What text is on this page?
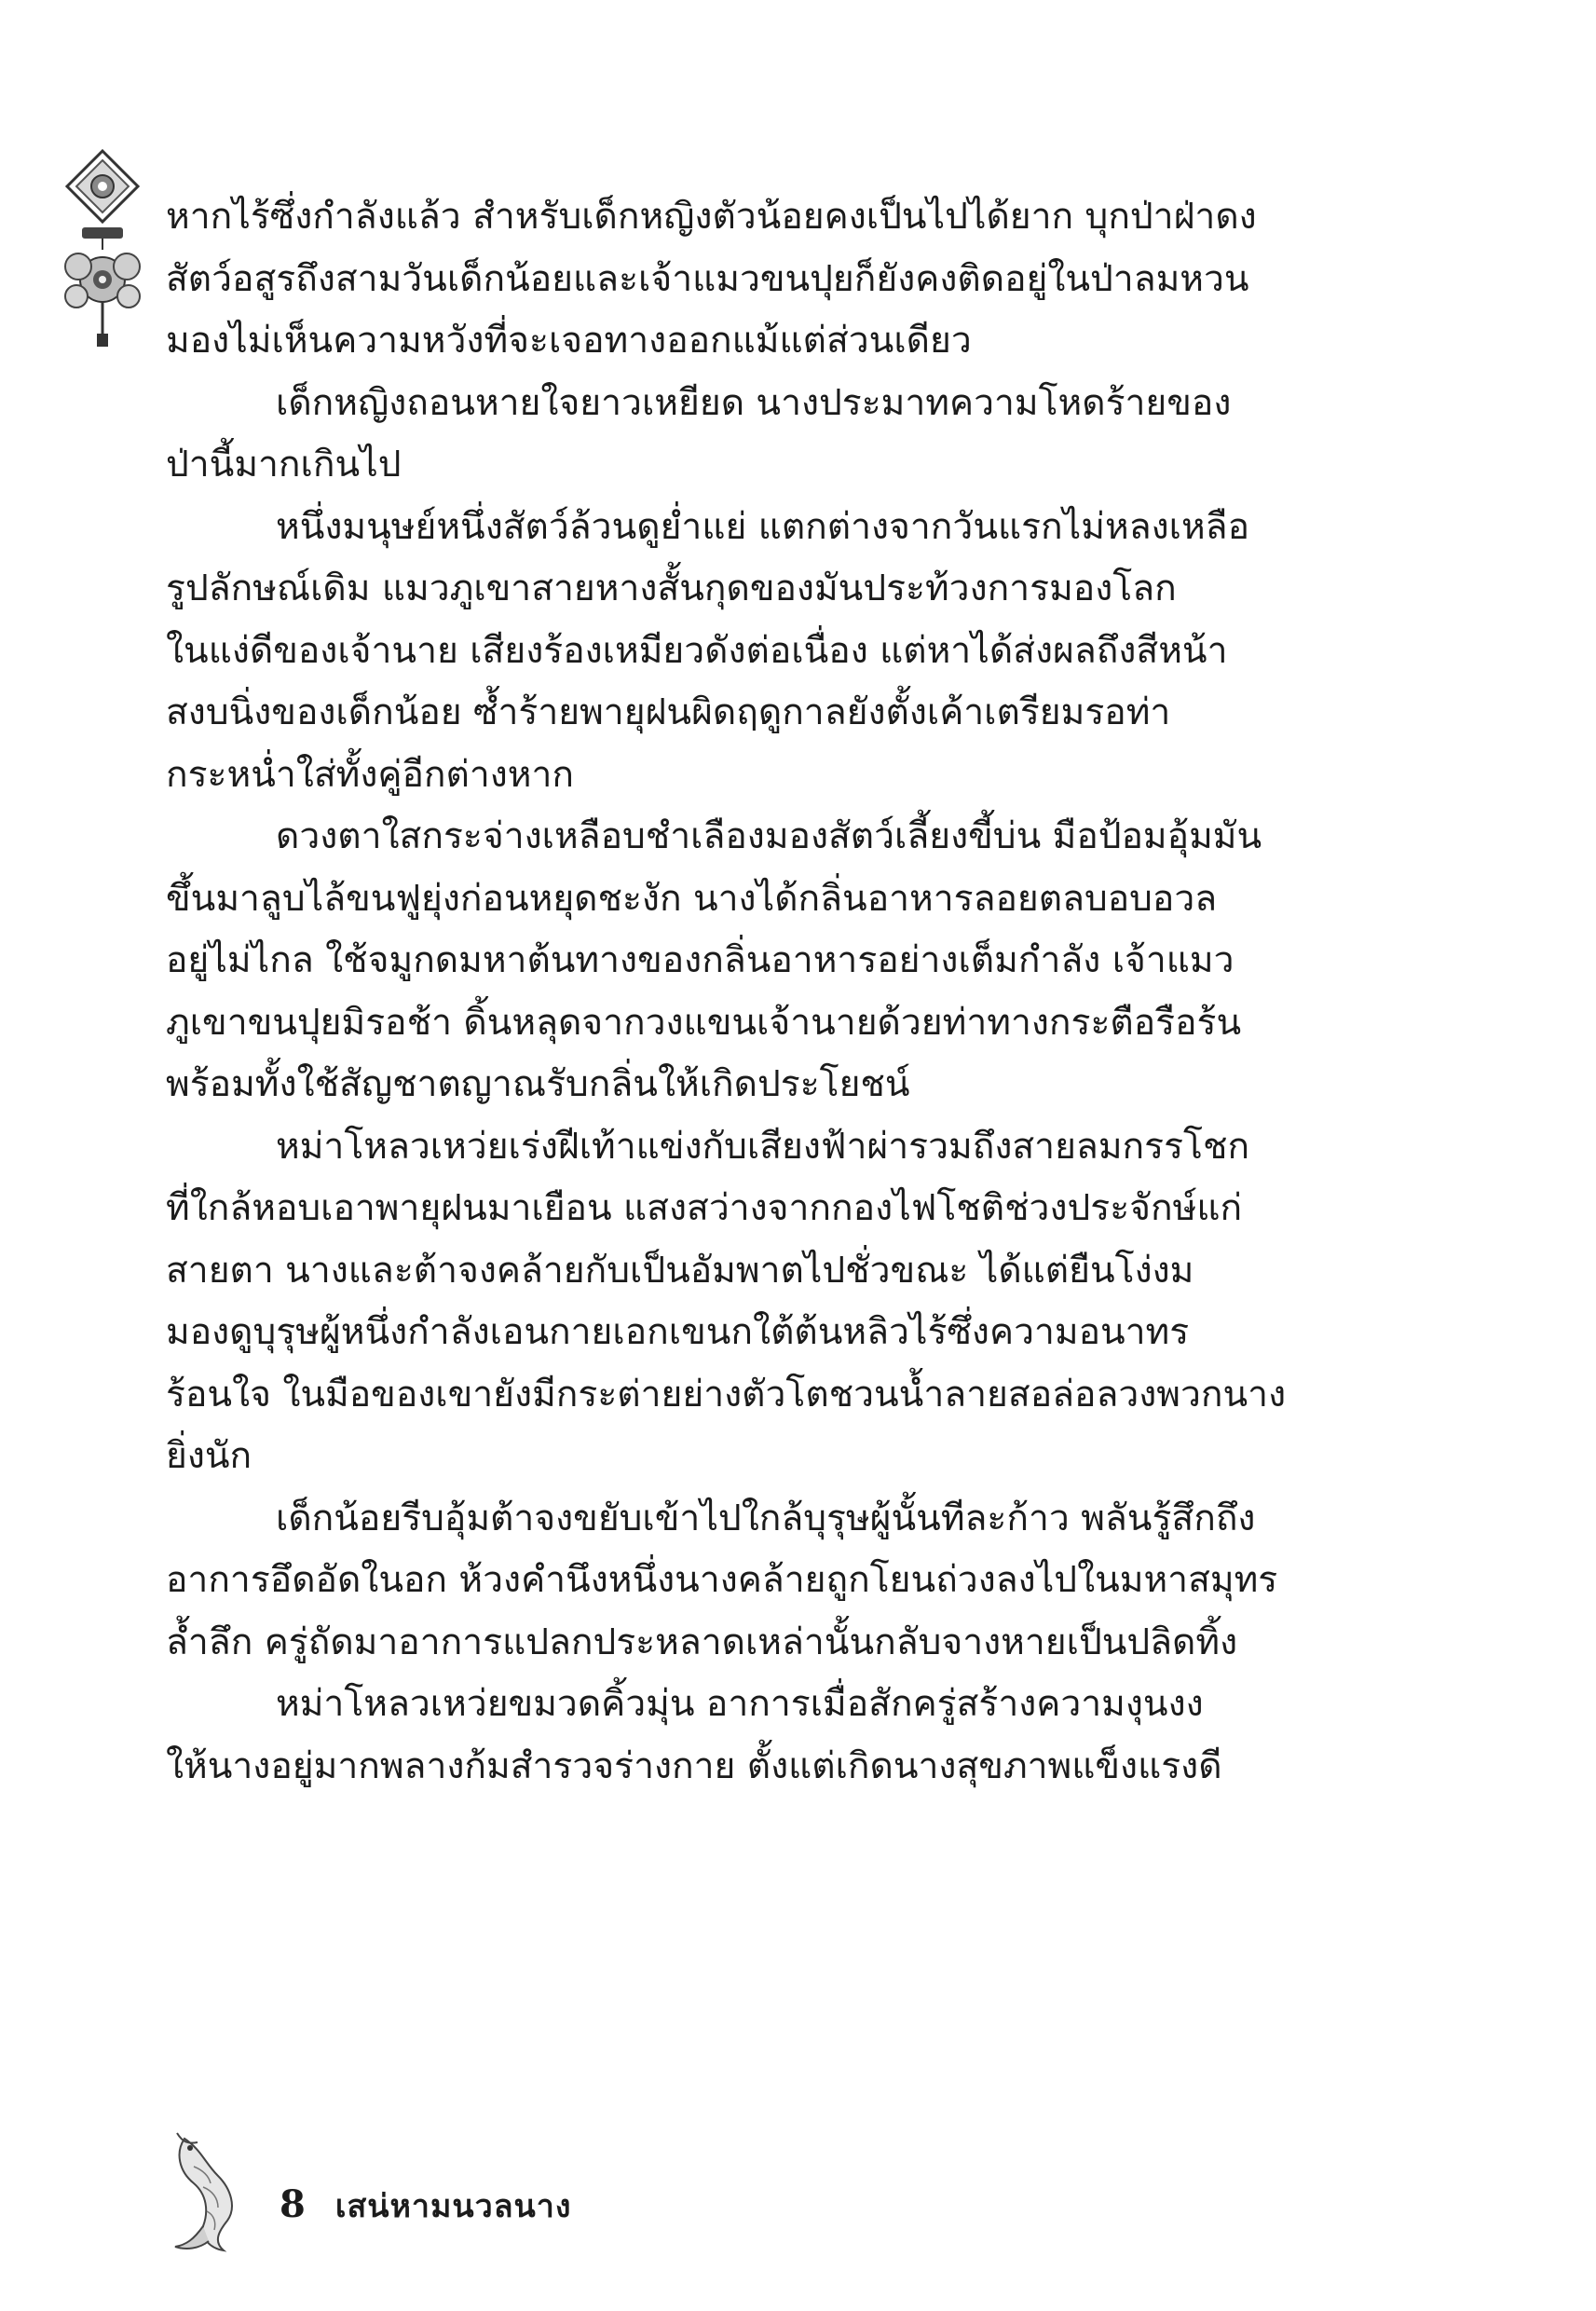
หากไร้ซึ่งกำลังแล้ว สำหรับเด็กหญิงตัวน้อยคงเป็นไปได้ยาก บุกป่าฝ่าดง

สัตว์อสูรถึงสามวันเด็กน้อยและเจ้าแมวขนปุยก็ยังคงติดอยู่ในป่าลมหวน

มองไม่เห็นความหวังที่จะเจอทางออกแม้แต่ส่วนเดียว

เด็กหญิงถอนหายใจยาวเหยียด นางประมาทความโหดร้ายของ

ป่านี้มากเกินไป

หนึ่งมนุษย์หนึ่งสัตว์ล้วนดูย่ำแย่ แตกต่างจากวันแรกไม่หลงเหลือ

รูปลักษณ์เดิม แมวภูเขาสายหางสั้นกุดของมันประท้วงการมองโลก

ในแง่ดีของเจ้านาย เสียงร้องเหมียวดังต่อเนื่อง แต่หาได้ส่งผลถึงสีหน้า

สงบนิ่งของเด็กน้อย ซ้ำร้ายพายุฝนผิดฤดูกาลยังตั้งเค้าเตรียมรอท่า

กระหน่ำใส่ทั้งคู่อีกต่างหาก

ดวงตาใสกระจ่างเหลือบชำเลืองมองสัตว์เลี้ยงขี้บ่น มือป้อมอุ้มมัน

ขึ้นมาลูบไล้ขนฟูยุ่งก่อนหยุดชะงัก นางได้กลิ่นอาหารลอยตลบอบอวล

อยู่ไม่ไกล ใช้จมูกดมหาต้นทางของกลิ่นอาหารอย่างเต็มกำลัง เจ้าแมว

ภูเขาขนปุยมิรอช้า ดิ้นหลุดจากวงแขนเจ้านายด้วยท่าทางกระตือรือร้น

พร้อมทั้งใช้สัญชาตญาณรับกลิ่นให้เกิดประโยชน์

หม่าโหลวเหว่ยเร่งฝีเท้าแข่งกับเสียงฟ้าผ่ารวมถึงสายลมกรรโชก

ที่ใกล้หอบเอาพายุฝนมาเยือน แสงสว่างจากกองไฟโชติช่วงประจักษ์แก่

สายตา นางและต้าจงคล้ายกับเป็นอัมพาตไปชั่วขณะ ได้แต่ยืนโง่งม

มองดูบุรุษผู้หนึ่งกำลังเอนกายเอกเขนกใต้ต้นหลิวไร้ซึ่งความอนาทร

ร้อนใจ ในมือของเขายังมีกระต่ายย่างตัวโตชวนน้ำลายสอล่อลวงพวกนาง

ยิ่งนัก

เด็กน้อยรีบอุ้มต้าจงขยับเข้าไปใกล้บุรุษผู้นั้นทีละก้าว พลันรู้สึกถึง

อาการอึดอัดในอก ห้วงคำนึงหนึ่งนางคล้ายถูกโยนถ่วงลงไปในมหาสมุทร

ล้ำลึก ครู่ถัดมาอาการแปลกประหลาดเหล่านั้นกลับจางหายเป็นปลิดทิ้ง

หม่าโหลวเหว่ยขมวดคิ้วมุ่น อาการเมื่อสักครู่สร้างความงุนงง

ให้นางอยู่มากพลางก้มสำรวจร่างกาย ตั้งแต่เกิดนางสุขภาพแข็งแรงดี

8 เสน่หามนวลนาง
